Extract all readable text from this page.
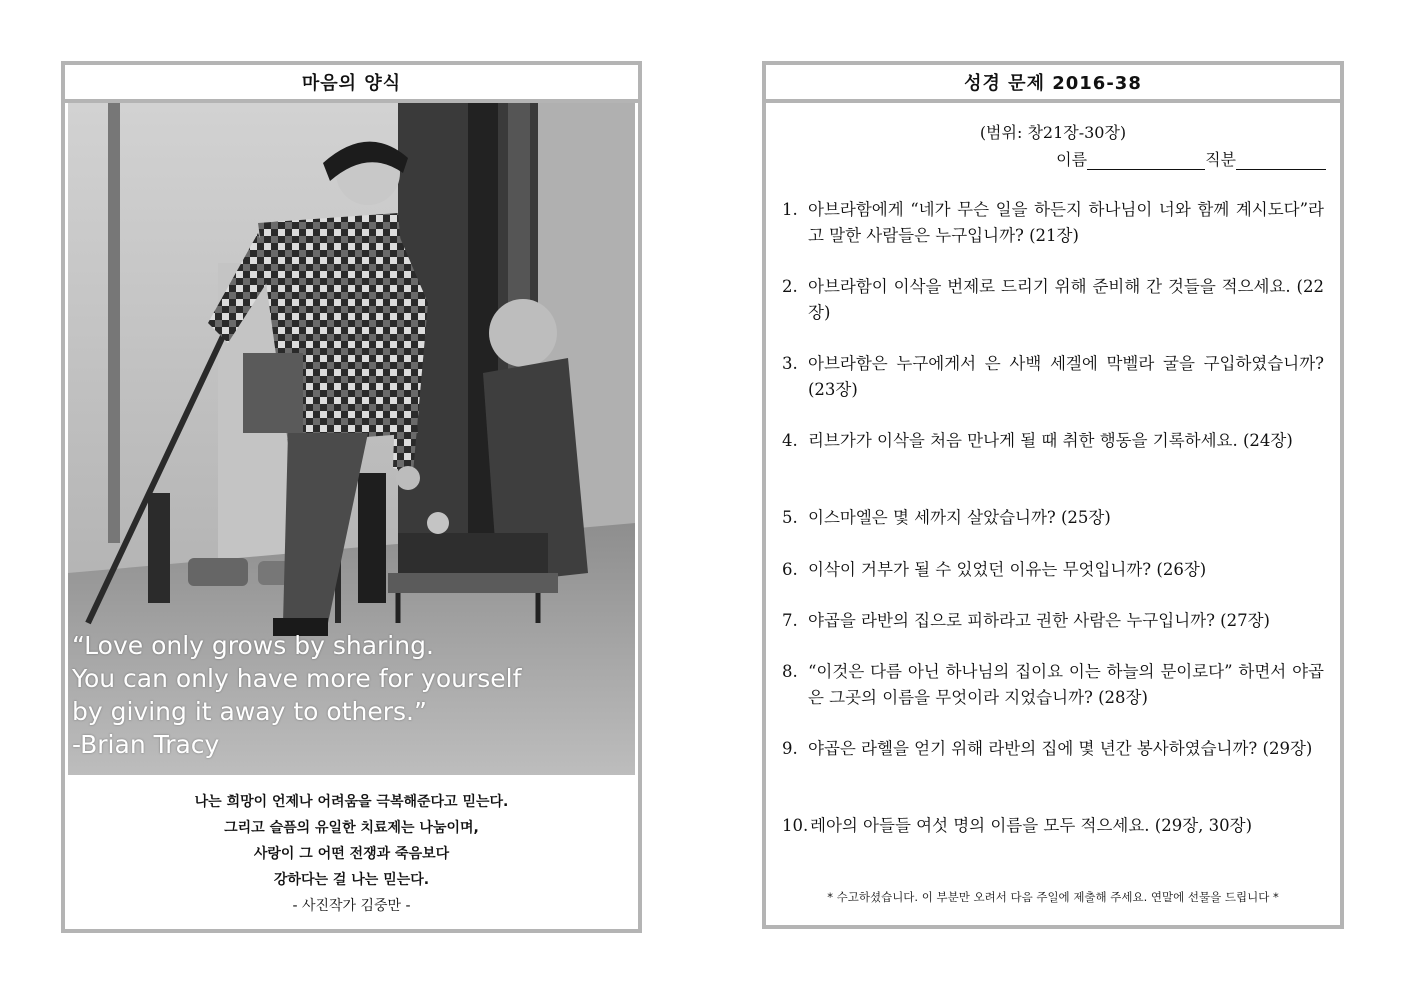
마음의 양식
“Love only grows by sharing.
You can only have more for yourself
by giving it away to others.”
-Brian Tracy
나는 희망이 언제나 어려움을 극복해준다고 믿는다.
그리고 슬픔의 유일한 치료제는 나눔이며,
사랑이 그 어떤 전쟁과 죽음보다
강하다는 걸 나는 믿는다.
- 사진작가 김중만 -
성경 문제 2016-38
(범위: 창21장-30장)
이름	직분
1. 아브라함에게 “네가 무슨 일을 하든지 하나님이 너와 함께 계시도다”라고 말한 사람들은 누구입니까? (21장)
2. 아브라함이 이삭을 번제로 드리기 위해 준비해 간 것들을 적으세요. (22장)
3. 아브라함은 누구에게서 은 사백 세겔에 막벨라 굴을 구입하였습니까? (23장)
4. 리브가가 이삭을 처음 만나게 될 때 취한 행동을 기록하세요. (24장)
5. 이스마엘은 몇 세까지 살았습니까? (25장)
6. 이삭이 거부가 될 수 있었던 이유는 무엇입니까? (26장)
7. 야곱을 라반의 집으로 피하라고 권한 사람은 누구입니까? (27장)
8. “이것은 다름 아닌 하나님의 집이요 이는 하늘의 문이로다” 하면서 야곱은 그곳의 이름을 무엇이라 지었습니까? (28장)
9. 야곱은 라헬을 얻기 위해 라반의 집에 몇 년간 봉사하였습니까? (29장)
10. 레아의 아들들 여섯 명의 이름을 모두 적으세요. (29장, 30장)
* 수고하셨습니다. 이 부분만 오려서 다음 주일에 제출해 주세요. 연말에 선물을 드립니다 *
